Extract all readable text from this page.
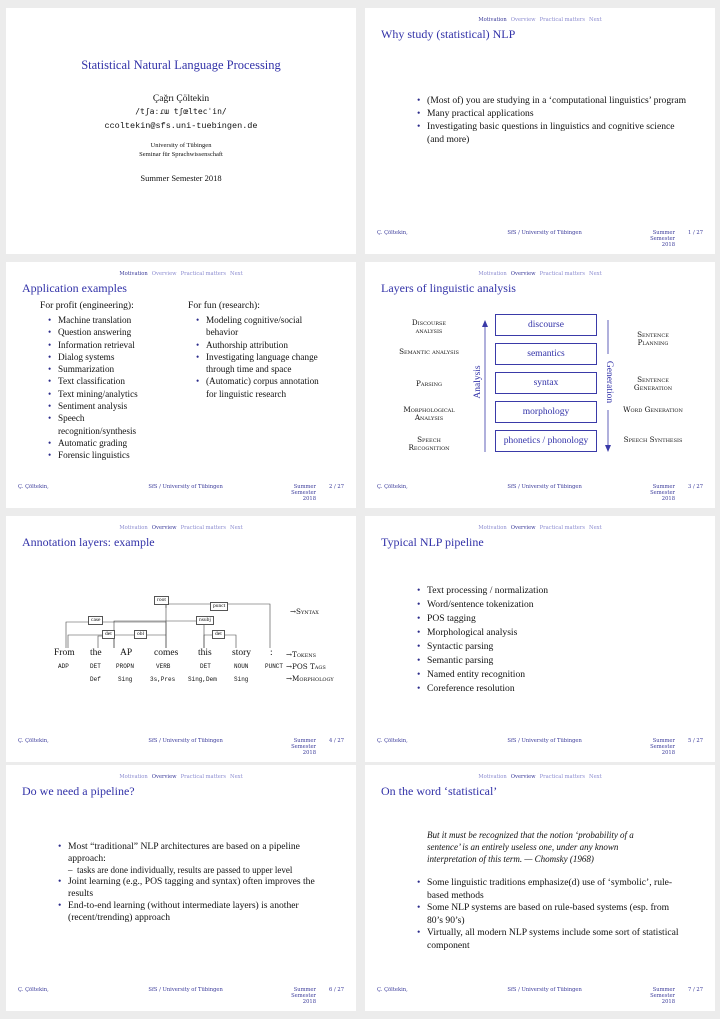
Statistical Natural Language Processing
Çağrı Çöltekin
/tʃaːɾɯ tʃœltecˈin/
ccoltekin@sfs.uni-tuebingen.de
University of Tübingen
Seminar für Sprachwissenschaft
Summer Semester 2018
Motivation Overview Practical matters Next
Why study (statistical) NLP
• (Most of) you are studying in a ‘computational linguistics’ program
• Many practical applications
• Investigating basic questions in linguistics and cognitive science (and more)
Ç. Çöltekin,	SfS / University of Tübingen	Summer Semester 2018
1 / 27
Motivation Overview Practical matters Next
Application examples
For profit (engineering):	For fun (research):
• Machine translation
• Question answering
• Information retrieval
• Dialog systems
• Summarization
• Text classification
• Text mining/analytics
• Sentiment analysis
• Speech recognition/synthesis
• Automatic grading
• Forensic linguistics
• Modeling cognitive/social behavior
• Authorship attribution
• Investigating language change through time and space
• (Automatic) corpus annotation for linguistic research
Ç. Çöltekin,	SfS / University of Tübingen	Summer Semester 2018
2 / 27
Motivation Overview Practical matters Next
Layers of linguistic analysis
discourse
semantics
syntax
morphology
phonetics / phonology
Discourse analysis
Semantic analysis
Parsing
Morphological Analysis
Speech Recognition
Sentence Planning
Sentence Generation
Word Generation
Speech Synthesis
Analysis	Generation
Ç. Çöltekin,	SfS / University of Tübingen	Summer Semester 2018
3 / 27
Motivation Overview Practical matters Next
Annotation layers: example
root
punct
case	nsubj
det	obl	det
From the AP comes this story :
ADP	DET	PROPN	VERB	DET	NOUN	PUNCT
Def	Sing	3s,Pres Sing,Dem	Sing
→Syntax
→Tokens
→POS Tags
→Morphology
Ç. Çöltekin,	SfS / University of Tübingen	Summer Semester 2018
4 / 27
Motivation Overview Practical matters Next
Typical NLP pipeline
• Text processing / normalization
• Word/sentence tokenization
• POS tagging
• Morphological analysis
• Syntactic parsing
• Semantic parsing
• Named entity recognition
• Coreference resolution
Ç. Çöltekin,	SfS / University of Tübingen	Summer Semester 2018
5 / 27
Motivation Overview Practical matters Next
Do we need a pipeline?
• Most “traditional” NLP architectures are based on a pipeline approach:
– tasks are done individually, results are passed to upper level
• Joint learning (e.g., POS tagging and syntax) often improves the results
• End-to-end learning (without intermediate layers) is another (recent/trending) approach
Ç. Çöltekin,	SfS / University of Tübingen	Summer Semester 2018
6 / 27
Motivation Overview Practical matters Next
On the word ‘statistical’
But it must be recognized that the notion ‘probability of a sentence’ is an entirely useless one, under any known interpretation of this term. — Chomsky (1968)
• Some linguistic traditions emphasize(d) use of ‘symbolic’, rule-based methods
• Some NLP systems are based on rule-based systems (esp. from 80’s 90’s)
• Virtually, all modern NLP systems include some sort of statistical component
Ç. Çöltekin,	SfS / University of Tübingen	Summer Semester 2018
7 / 27
